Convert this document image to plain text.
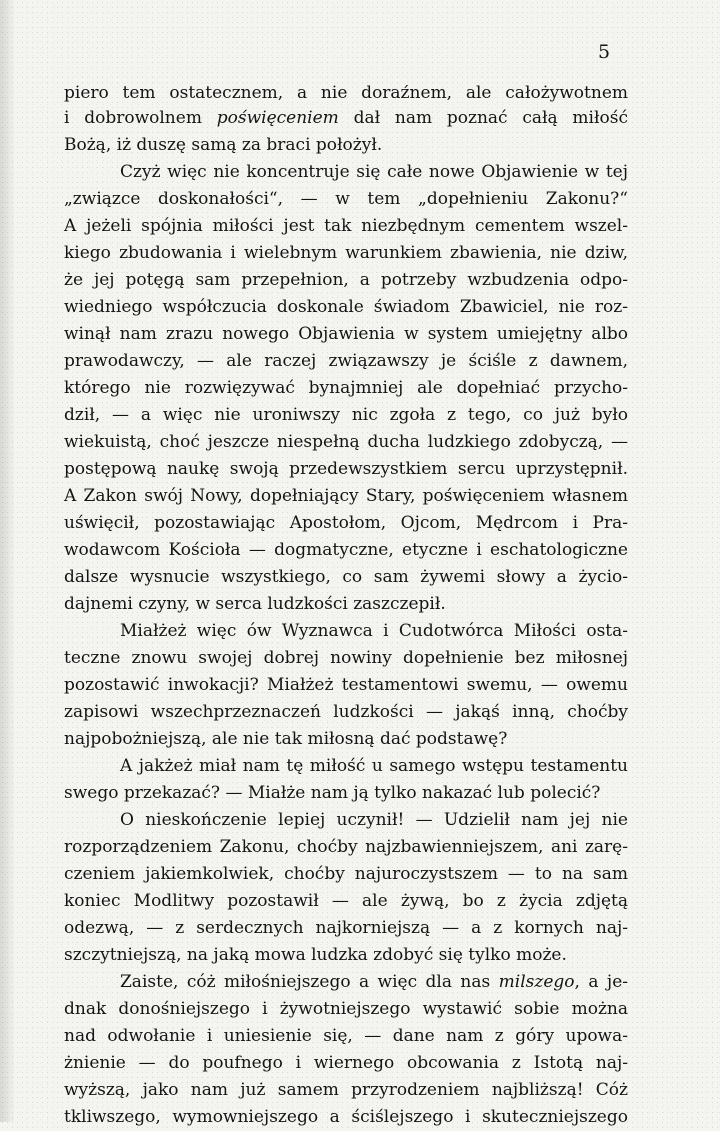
5
piero tem ostatecznem, a nie doraźnem, ale całożywotnem
i dobrowolnem poświęceniem dał nam poznać całą miłość
Bożą, iż duszę samą za braci położył.
Czyż więc nie koncentruje się całe nowe Objawienie w tej
„związce doskonałości“, — w tem „dopełnieniu Zakonu?“
A jeżeli spójnia miłości jest tak niezbędnym cementem wszel-
kiego zbudowania i wielebnym warunkiem zbawienia, nie dziw,
że jej potęgą sam przepełnion, a potrzeby wzbudzenia odpo-
wiedniego współczucia doskonale świadom Zbawiciel, nie roz-
winął nam zrazu nowego Objawienia w system umiejętny albo
prawodawczy, — ale raczej związawszy je ściśle z dawnem,
którego nie rozwięzywać bynajmniej ale dopełniać przycho-
dził, — a więc nie uroniwszy nic zgoła z tego, co już było
wiekuistą, choć jeszcze niespełną ducha ludzkiego zdobyczą, —
postępową naukę swoją przedewszystkiem sercu uprzystępnił.
A Zakon swój Nowy, dopełniający Stary, poświęceniem własnem
uświęcił, pozostawiając Apostołom, Ojcom, Mędrcom i Pra-
wodawcom Kościoła — dogmatyczne, etyczne i eschatologiczne
dalsze wysnucie wszystkiego, co sam żywemi słowy a życio-
dajnemi czyny, w serca ludzkości zaszczepił.
Miałżeż więc ów Wyznawca i Cudotwórca Miłości osta-
teczne znowu swojej dobrej nowiny dopełnienie bez miłosnej
pozostawić inwokacji? Miałżeż testamentowi swemu, — owemu
zapisowi wszechprzeznaczeń ludzkości — jakąś inną, choćby
najpobożniejszą, ale nie tak miłosną dać podstawę?
A jakżeż miał nam tę miłość u samego wstępu testamentu
swego przekazać? — Miałże nam ją tylko nakazać lub polecić?
O nieskończenie lepiej uczynił! — Udzielił nam jej nie
rozporządzeniem Zakonu, choćby najzbawienniejszem, ani zarę-
czeniem jakiemkolwiek, choćby najuroczystszem — to na sam
koniec Modlitwy pozostawił — ale żywą, bo z życia zdjętą
odezwą, — z serdecznych najkorniejszą — a z kornych naj-
szczytniejszą, na jaką mowa ludzka zdobyć się tylko może.
Zaiste, cóż miłośniejszego a więc dla nas milszego, a je-
dnak donośniejszego i żywotniejszego wystawić sobie można
nad odwołanie i uniesienie się, — dane nam z góry upowa-
żnienie — do poufnego i wiernego obcowania z Istotą naj-
wyższą, jako nam już samem przyrodzeniem najbliższą! Cóż
tkliwszego, wymowniejszego a ściślejszego i skuteczniejszego
